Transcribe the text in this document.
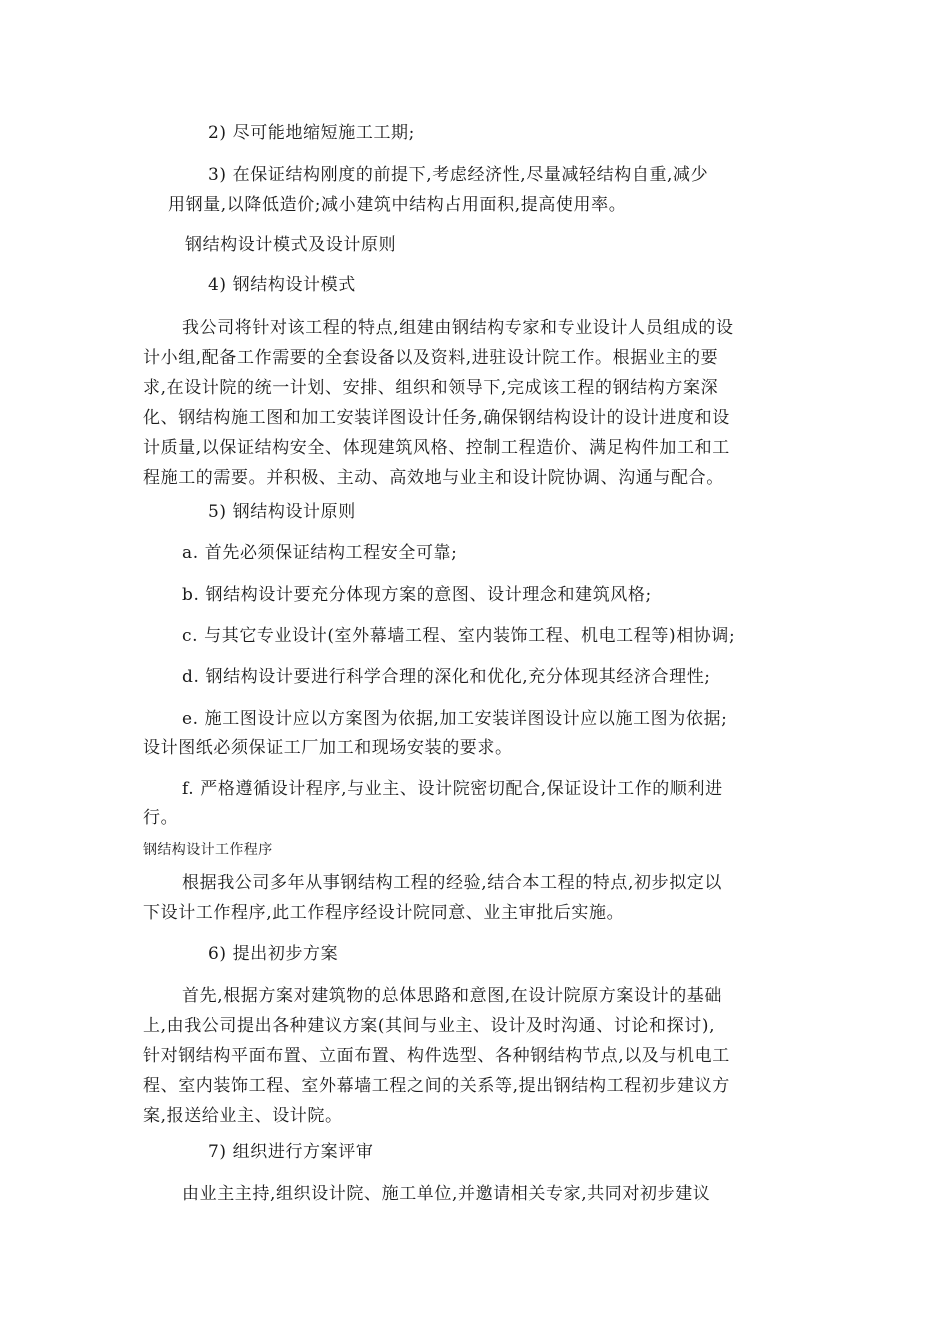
2) 尽可能地缩短施工工期;
3) 在保证结构刚度的前提下,考虑经济性,尽量减轻结构自重,减少
用钢量,以降低造价;减小建筑中结构占用面积,提高使用率。
钢结构设计模式及设计原则
4) 钢结构设计模式
我公司将针对该工程的特点,组建由钢结构专家和专业设计人员组成的设
计小组,配备工作需要的全套设备以及资料,进驻设计院工作。根据业主的要
求,在设计院的统一计划、安排、组织和领导下,完成该工程的钢结构方案深
化、钢结构施工图和加工安装详图设计任务,确保钢结构设计的设计进度和设
计质量,以保证结构安全、体现建筑风格、控制工程造价、满足构件加工和工
程施工的需要。并积极、主动、高效地与业主和设计院协调、沟通与配合。
5) 钢结构设计原则
a. 首先必须保证结构工程安全可靠;
b. 钢结构设计要充分体现方案的意图、设计理念和建筑风格;
c. 与其它专业设计(室外幕墙工程、室内装饰工程、机电工程等)相协调;
d. 钢结构设计要进行科学合理的深化和优化,充分体现其经济合理性;
e. 施工图设计应以方案图为依据,加工安装详图设计应以施工图为依据;
设计图纸必须保证工厂加工和现场安装的要求。
f. 严格遵循设计程序,与业主、设计院密切配合,保证设计工作的顺利进
行。
钢结构设计工作程序
根据我公司多年从事钢结构工程的经验,结合本工程的特点,初步拟定以
下设计工作程序,此工作程序经设计院同意、业主审批后实施。
6) 提出初步方案
首先,根据方案对建筑物的总体思路和意图,在设计院原方案设计的基础
上,由我公司提出各种建议方案(其间与业主、设计及时沟通、讨论和探讨),
针对钢结构平面布置、立面布置、构件选型、各种钢结构节点,以及与机电工
程、室内装饰工程、室外幕墙工程之间的关系等,提出钢结构工程初步建议方
案,报送给业主、设计院。
7) 组织进行方案评审
由业主主持,组织设计院、施工单位,并邀请相关专家,共同对初步建议
